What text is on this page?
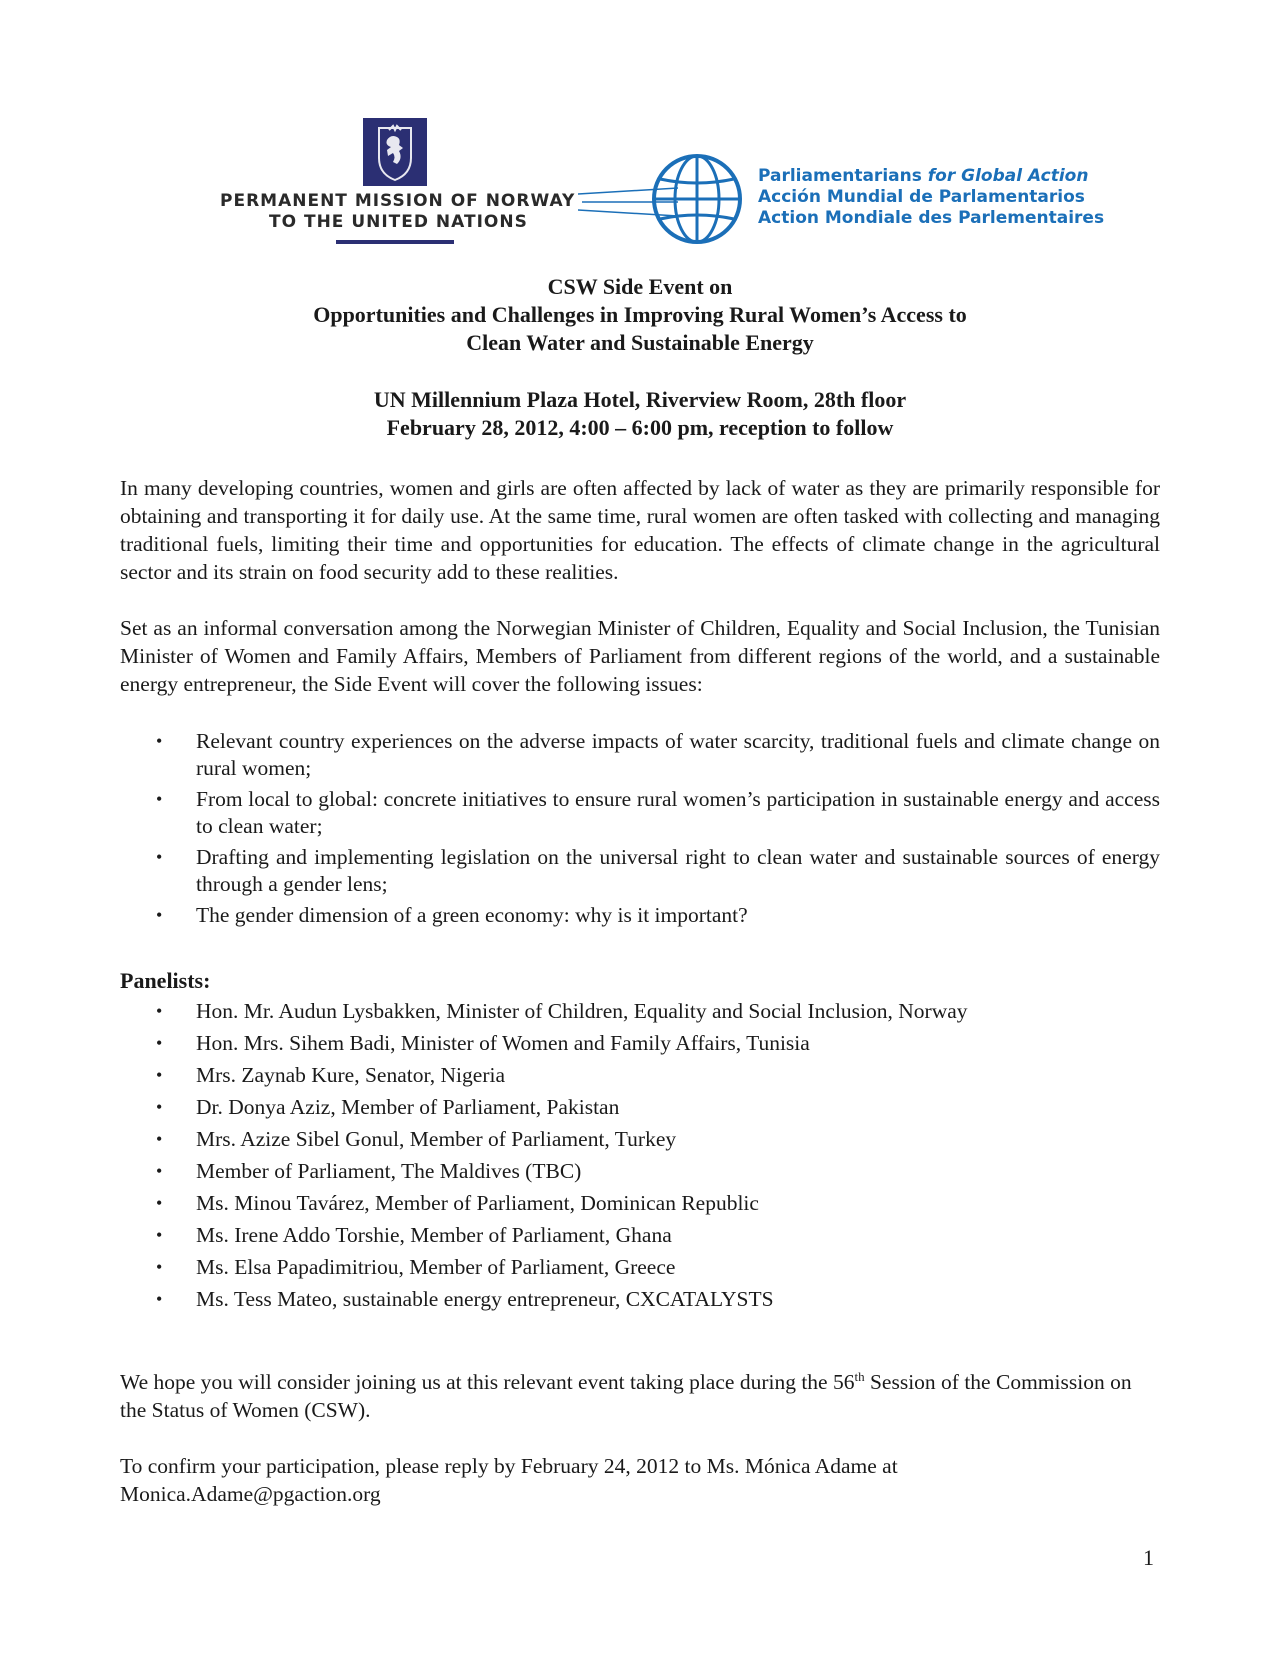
PERMANENT MISSION OF NORWAY
TO THE UNITED NATIONS
Parliamentarians for Global Action
Acción Mundial de Parlamentarios
Action Mondiale des Parlementaires
CSW Side Event on
Opportunities and Challenges in Improving Rural Women’s Access to
Clean Water and Sustainable Energy
UN Millennium Plaza Hotel, Riverview Room, 28th floor
February 28, 2012, 4:00 – 6:00 pm, reception to follow

In many developing countries, women and girls are often affected by lack of water as they are primarily responsible for obtaining and transporting it for daily use. At the same time, rural women are often tasked with collecting and managing traditional fuels, limiting their time and opportunities for education. The effects of climate change in the agricultural sector and its strain on food security add to these realities.

Set as an informal conversation among the Norwegian Minister of Children, Equality and Social Inclusion, the Tunisian Minister of Women and Family Affairs, Members of Parliament from different regions of the world, and a sustainable energy entrepreneur, the Side Event will cover the following issues:

• Relevant country experiences on the adverse impacts of water scarcity, traditional fuels and climate change on rural women;
• From local to global: concrete initiatives to ensure rural women’s participation in sustainable energy and access to clean water;
• Drafting and implementing legislation on the universal right to clean water and sustainable sources of energy through a gender lens;
• The gender dimension of a green economy: why is it important?
Panelists:
• Hon. Mr. Audun Lysbakken, Minister of Children, Equality and Social Inclusion, Norway
• Hon. Mrs. Sihem Badi, Minister of Women and Family Affairs, Tunisia
• Mrs. Zaynab Kure, Senator, Nigeria
• Dr. Donya Aziz, Member of Parliament, Pakistan
• Mrs. Azize Sibel Gonul, Member of Parliament, Turkey
• Member of Parliament, The Maldives (TBC)
• Ms. Minou Tavárez, Member of Parliament, Dominican Republic
• Ms. Irene Addo Torshie, Member of Parliament, Ghana
• Ms. Elsa Papadimitriou, Member of Parliament, Greece
• Ms. Tess Mateo, sustainable energy entrepreneur, CXCATALYSTS

We hope you will consider joining us at this relevant event taking place during the 56th Session of the Commission on the Status of Women (CSW).

To confirm your participation, please reply by February 24, 2012 to Ms. Mónica Adame at Monica.Adame@pgaction.org

1
